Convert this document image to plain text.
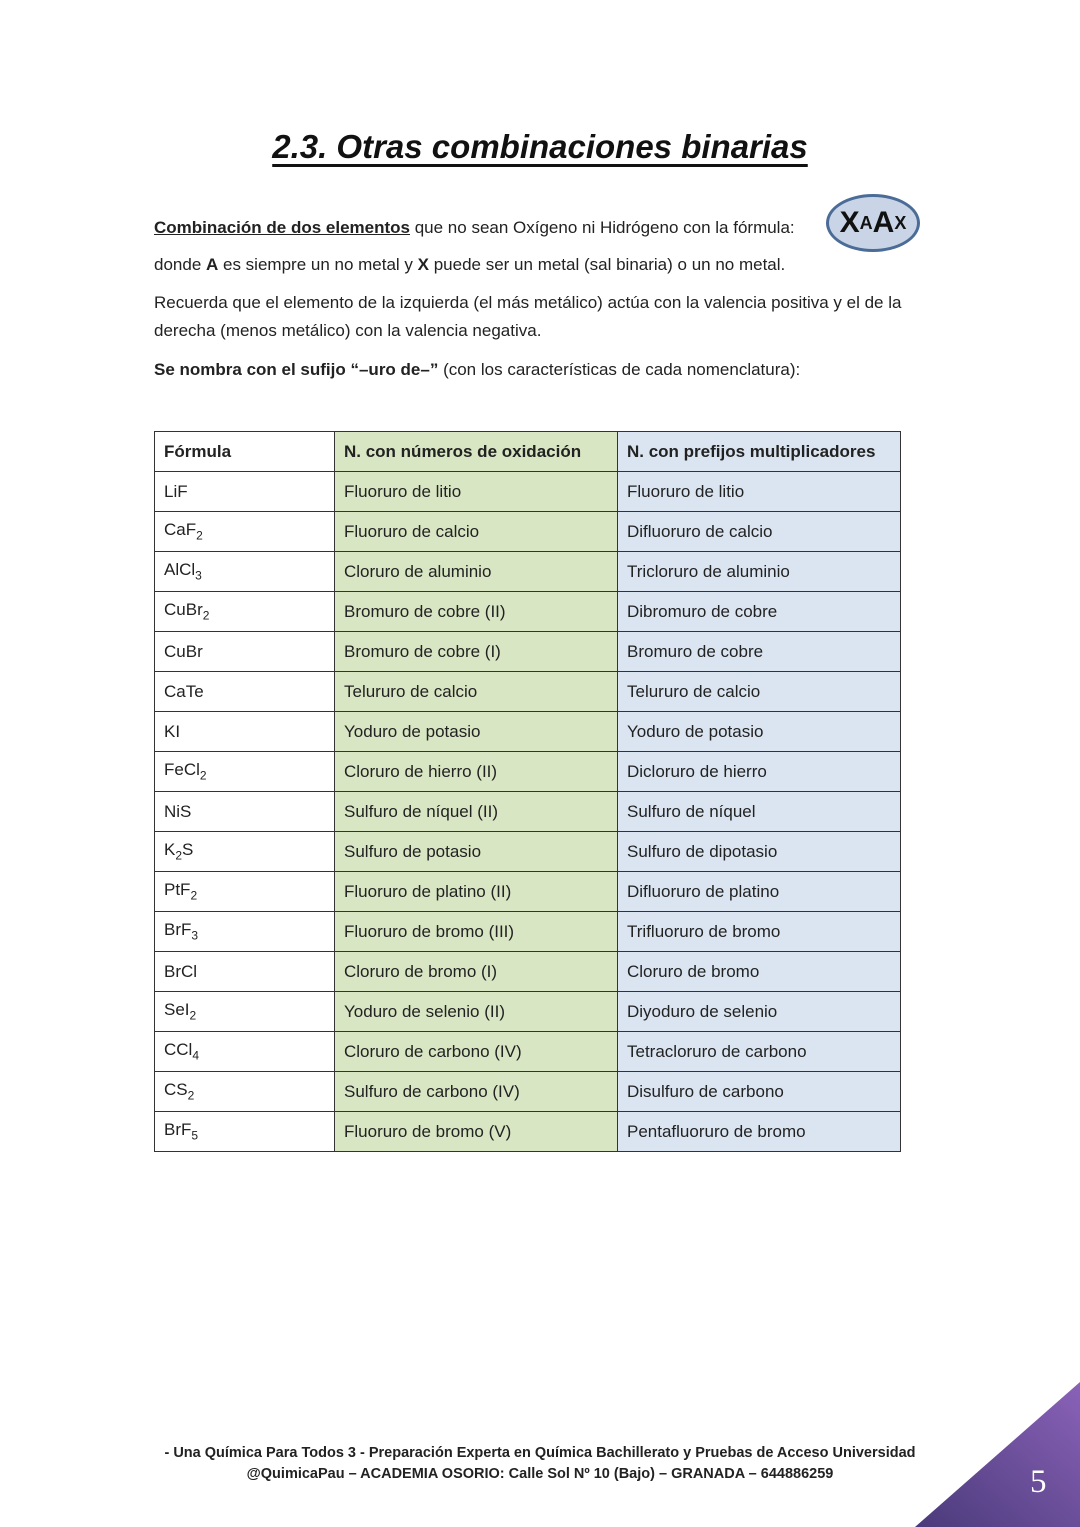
2.3. Otras combinaciones binarias
Combinación de dos elementos que no sean Oxígeno ni Hidrógeno con la fórmula:	X A A X
donde A es siempre un no metal y X puede ser un metal (sal binaria) o un no metal.
Recuerda que el elemento de la izquierda (el más metálico) actúa con la valencia positiva y el de la derecha (menos metálico) con la valencia negativa.
Se nombra con el sufijo “–uro de–” (con los características de cada nomenclatura):
Fórmula	N. con números de oxidación	N. con prefijos multiplicadores
LiF	Fluoruro de litio	Fluoruro de litio
CaF$_2$	Fluoruro de calcio	Difluoruro de calcio
AlCl$_3$	Cloruro de aluminio	Tricloruro de aluminio
CuBr$_2$	Bromuro de cobre (II)	Dibromuro de cobre
CuBr	Bromuro de cobre (I)	Bromuro de cobre
CaTe	Telururo de calcio	Telururo de calcio
KI	Yoduro de potasio	Yoduro de potasio
FeCl$_2$	Cloruro de hierro (II)	Dicloruro de hierro
NiS	Sulfuro de níquel (II)	Sulfuro de níquel
$K_2S$	Sulfuro de potasio	Sulfuro de dipotasio
PtF$_2$	Fluoruro de platino (II)	Difluoruro de platino
BrF$_3$	Fluoruro de bromo (III)	Trifluoruro de bromo
BrCl	Cloruro de bromo (I)	Cloruro de bromo
SeI$_2$	Yoduro de selenio (II)	Diyoduro de selenio
CCl$_4$	Cloruro de carbono (IV)	Tetracloruro de carbono
$CS_2$	Sulfuro de carbono (IV)	Disulfuro de carbono
BrF$_5$	Fluoruro de bromo (V)	Pentafluoruro de bromo
- Una Química Para Todos 3 - Preparación Experta en Química Bachillerato y Pruebas de Acceso Universidad
@QuimicaPau – ACADEMIA OSORIO: Calle Sol Nº 10 (Bajo) – GRANADA – 644886259	5
